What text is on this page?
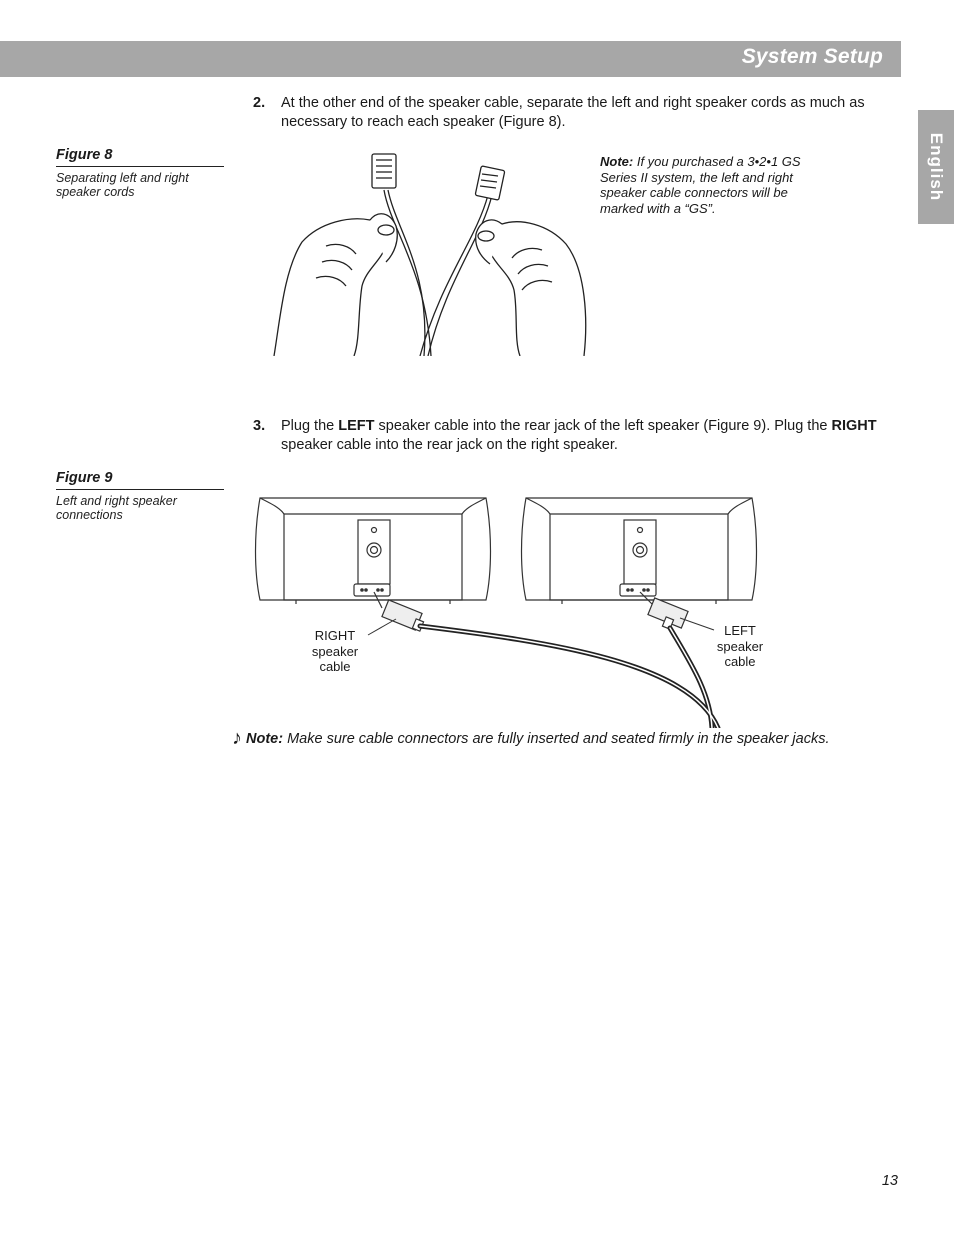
System Setup
English
2. At the other end of the speaker cable, separate the left and right speaker cords as much as necessary to reach each speaker (Figure 8).
Figure 8
Separating left and right speaker cords
Note: If you purchased a 3•2•1 GS Series II system, the left and right speaker cable connectors will be marked with a “GS”.
3. Plug the LEFT speaker cable into the rear jack of the left speaker (Figure 9). Plug the RIGHT speaker cable into the rear jack on the right speaker.
Figure 9
Left and right speaker connections
RIGHT
speaker
cable
LEFT
speaker
cable
♪ Note: Make sure cable connectors are fully inserted and seated firmly in the speaker jacks.
13
